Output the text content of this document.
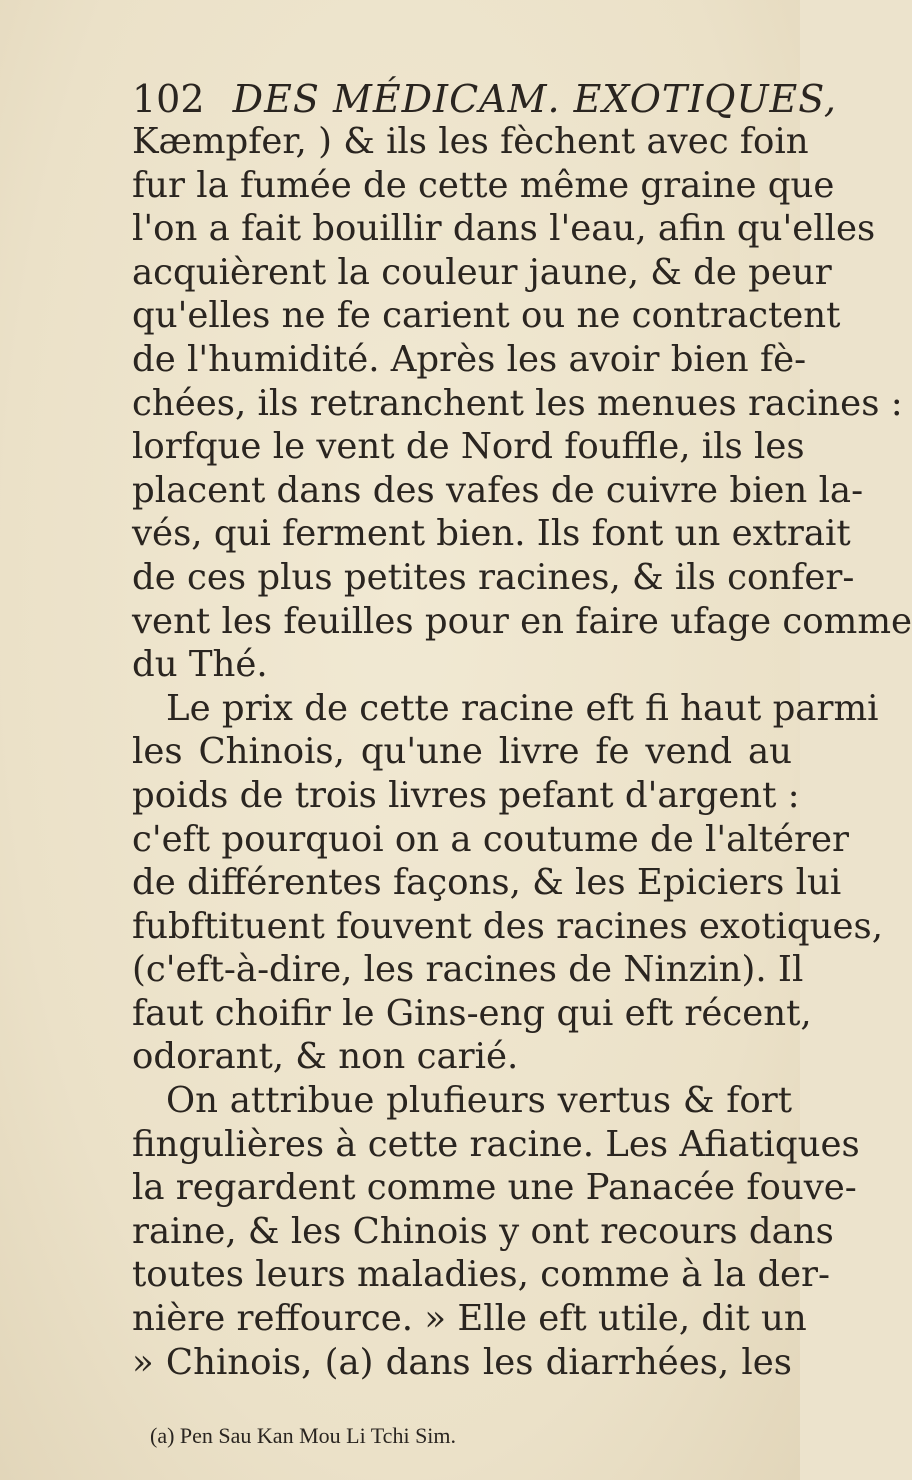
102 DES MÉDICAM. EXOTIQUES,
Kæmpfer, ) & ils les fèchent avec foin
fur la fumée de cette même graine que
l'on a fait bouillir dans l'eau, afin qu'elles
acquièrent la couleur jaune, & de peur
qu'elles ne fe carient ou ne contractent
de l'humidité. Après les avoir bien fè-
chées, ils retranchent les menues racines :
lorfque le vent de Nord fouffle, ils les
placent dans des vafes de cuivre bien la-
vés, qui ferment bien. Ils font un extrait
de ces plus petites racines, & ils confer-
vent les feuilles pour en faire ufage comme
du Thé.
Le prix de cette racine eft fi haut parmi
les Chinois, qu'une livre fe vend au
poids de trois livres pefant d'argent :
c'eft pourquoi on a coutume de l'altérer
de différentes façons, & les Epiciers lui
fubftituent fouvent des racines exotiques,
(c'eft-à-dire, les racines de Ninzin). Il
faut choifir le Gins-eng qui eft récent,
odorant, & non carié.
On attribue plufieurs vertus & fort
fingulières à cette racine. Les Afiatiques
la regardent comme une Panacée fouve-
raine, & les Chinois y ont recours dans
toutes leurs maladies, comme à la der-
nière reffource. » Elle eft utile, dit un
» Chinois, (a) dans les diarrhées, les
(a) Pen Sau Kan Mou Li Tchi Sim.
